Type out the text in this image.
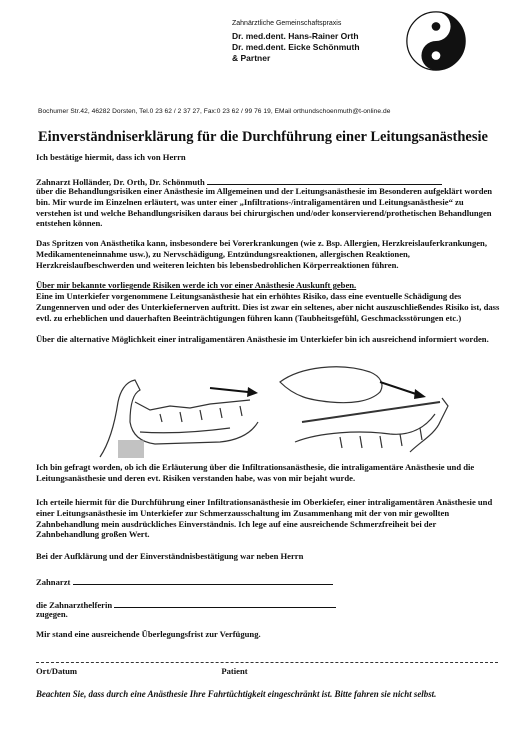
Zahnärztliche Gemeinschaftspraxis
Dr. med.dent. Hans-Rainer Orth
Dr. med.dent. Eicke Schönmuth
& Partner
Bochumer Str.42, 46282 Dorsten, Tel.0 23 62 / 2 37 27, Fax:0 23 62 / 99 76 19, EMail orthundschoenmuth@t-online.de
Einverständniserklärung für die Durchführung einer Leitungsanästhesie
Ich bestätige hiermit, dass ich von Herrn
Zahnarzt Holländer, Dr. Orth, Dr. Schönmuth
über die Behandlungsrisiken einer Anästhesie im Allgemeinen und der Leitungsanästhesie im Besonderen aufgeklärt worden bin. Mir wurde im Einzelnen erläutert, was unter einer „Infiltrations-/intraligamentären und Leitungsanästhesie“ zu verstehen ist und welche Behandlungsrisiken daraus bei chirurgischen und/oder konservierend/prothetischen Behandlungen entstehen können.
Das Spritzen von Anästhetika kann, insbesondere bei Vorerkrankungen (wie z. Bsp. Allergien, Herzkreislauferkrankungen, Medikamenteneinnahme usw.), zu Nervschädigung, Entzündungsreaktionen, allergischen Reaktionen, Herzkreislaufbeschwerden und weiteren leichten bis lebensbedrohlichen Körperreaktionen führen.
Über mir bekannte vorliegende Risiken werde ich vor einer Anästhesie Auskunft geben.
Eine im Unterkiefer vorgenommene Leitungsanästhesie hat ein erhöhtes Risiko, dass eine eventuelle Schädigung des Zungennerven und oder des Unterkiefernerven auftritt. Dies ist zwar ein seltenes, aber nicht auszuschließendes Risiko ist, dass evtl. zu erheblichen und dauerhaften Beeinträchtigungen führen kann (Taubheitsgefühl, Geschmacksstörungen etc.)
Über die alternative Möglichkeit einer intraligamentären Anästhesie im Unterkiefer bin ich ausreichend informiert worden.
Ich bin gefragt worden, ob ich die Erläuterung über die Infiltrationsanästhesie, die intraligamentäre Anästhesie und die Leitungsanästhesie und deren evt. Risiken verstanden habe, was von mir bejaht wurde.
Ich erteile hiermit für die Durchführung einer Infiltrationsanästhesie im Oberkiefer, einer intraligamentären Anästhesie und einer Leitungsanästhesie im Unterkiefer zur Schmerzausschaltung im Zusammenhang mit der von mir gewollten Zahnbehandlung mein ausdrückliches Einverständnis. Ich lege auf eine ausreichende Schmerzfreiheit bei der Zahnbehandlung großen Wert.
Bei der Aufklärung und der Einverständnisbestätigung war neben Herrn
Zahnarzt
die Zahnarzthelferin
zugegen.
Mir stand eine ausreichende Überlegungsfrist zur Verfügung.
Ort/Datum	Patient
Beachten Sie, dass durch eine Anästhesie Ihre Fahrtüchtigkeit eingeschränkt ist. Bitte fahren sie nicht selbst.
